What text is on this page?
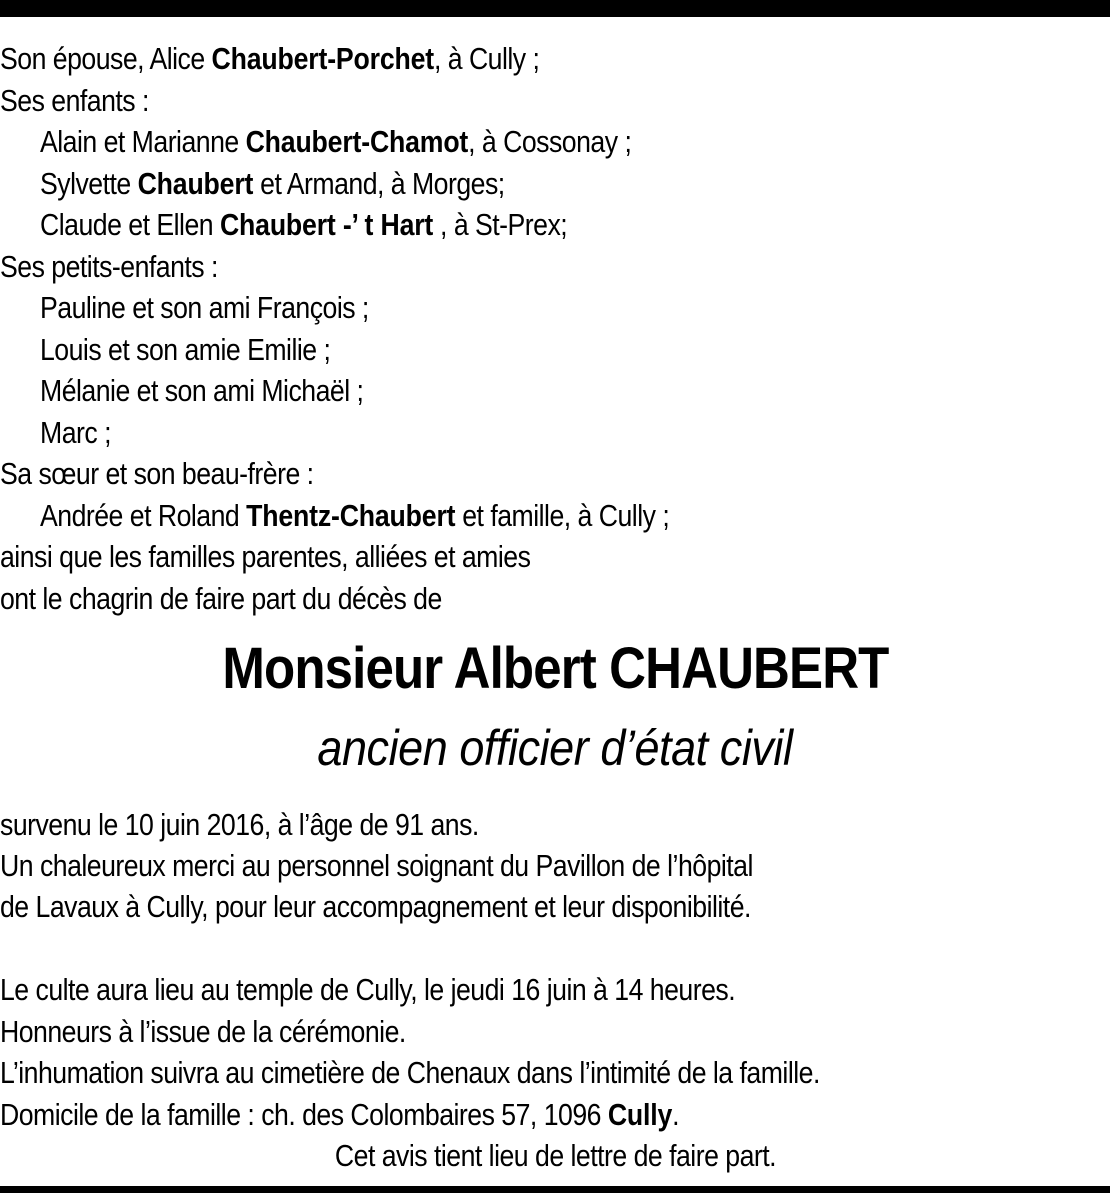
Son épouse, Alice Chaubert-Porchet, à Cully ;
Ses enfants :
Alain et Marianne Chaubert-Chamot, à Cossonay ;
Sylvette Chaubert et Armand, à Morges;
Claude et Ellen Chaubert -’ t Hart , à St-Prex;
Ses petits-enfants :
Pauline et son ami François ;
Louis et son amie Emilie ;
Mélanie et son ami Michaël ;
Marc ;
Sa sœur et son beau-frère :
Andrée et Roland Thentz-Chaubert et famille, à Cully ;
ainsi que les familles parentes, alliées et amies
ont le chagrin de faire part du décès de
Monsieur Albert CHAUBERT
ancien officier d’état civil
survenu le 10 juin 2016, à l’âge de 91 ans.
Un chaleureux merci au personnel soignant du Pavillon de l’hôpital
de Lavaux à Cully, pour leur accompagnement et leur disponibilité.
Le culte aura lieu au temple de Cully, le jeudi 16 juin à 14 heures.
Honneurs à l’issue de la cérémonie.
L’inhumation suivra au cimetière de Chenaux dans l’intimité de la famille.
Domicile de la famille : ch. des Colombaires 57, 1096 Cully.
Cet avis tient lieu de lettre de faire part.
